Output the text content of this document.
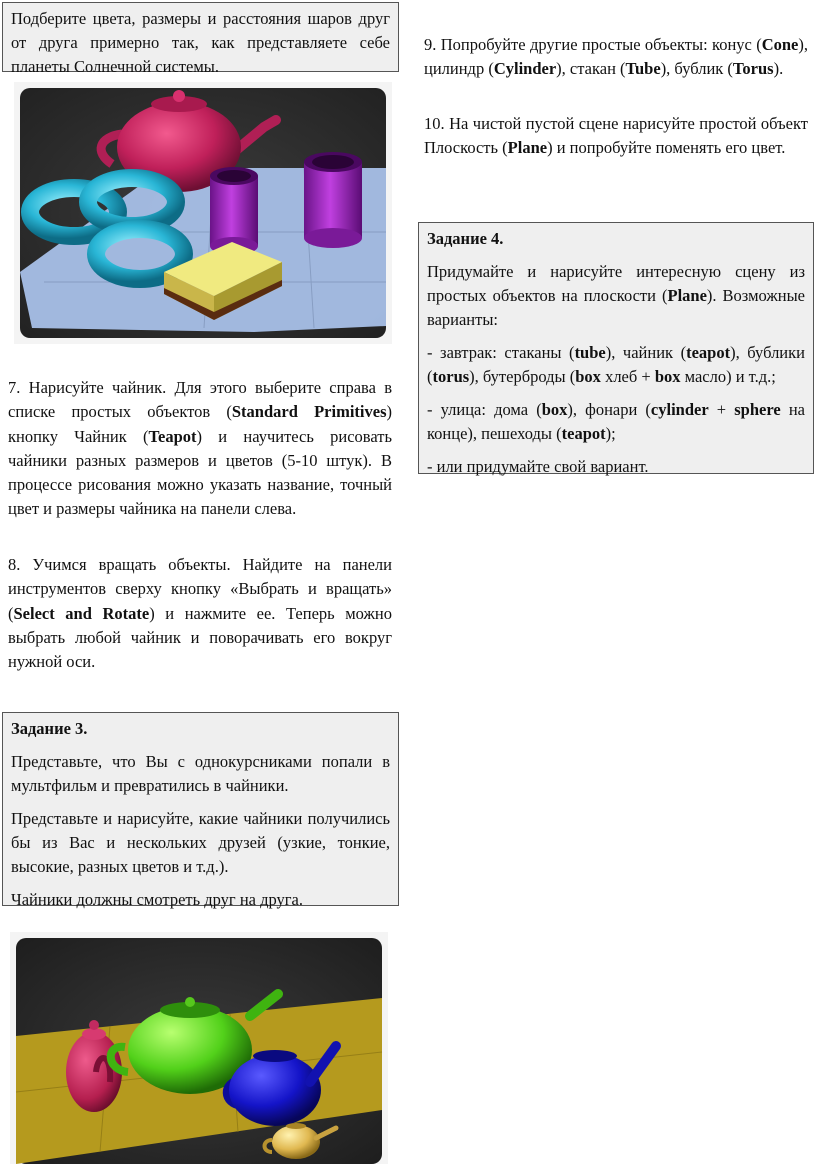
Подберите цвета, размеры и расстояния шаров друг от друга примерно так, как представляете себе планеты Солнечной системы.

7. Нарисуйте чайник. Для этого выберите справа в списке простых объектов (Standard Primitives) кнопку Чайник (Teapot) и научитесь рисовать чайники разных размеров и цветов (5-10 штук). В процессе рисования можно указать название, точный цвет и размеры чайника на панели слева.
8. Учимся вращать объекты. Найдите на панели инструментов сверху кнопку «Выбрать и вращать» (Select and Rotate) и нажмите ее. Теперь можно выбрать любой чайник и поворачивать его вокруг нужной оси.

Задание 3.

Представьте, что Вы с однокурсниками попали в мультфильм и превратились в чайники.

Представьте и нарисуйте, какие чайники получились бы из Вас и нескольких друзей (узкие, тонкие, высокие, разных цветов и т.д.).

Чайники должны смотреть друг на друга.

9. Попробуйте другие простые объекты: конус (Cone), цилиндр (Cylinder), стакан (Tube), бублик (Torus).
10. На чистой пустой сцене нарисуйте простой объект Плоскость (Plane) и попробуйте поменять его цвет.

Задание 4.

Придумайте и нарисуйте интересную сцену из простых объектов на плоскости (Plane). Возможные варианты:

- завтрак: стаканы (tube), чайник (teapot), бублики (torus), бутерброды (box хлеб + box масло) и т.д.;

- улица: дома (box), фонари (cylinder + sphere на конце), пешеходы (teapot);

- или придумайте свой вариант.
